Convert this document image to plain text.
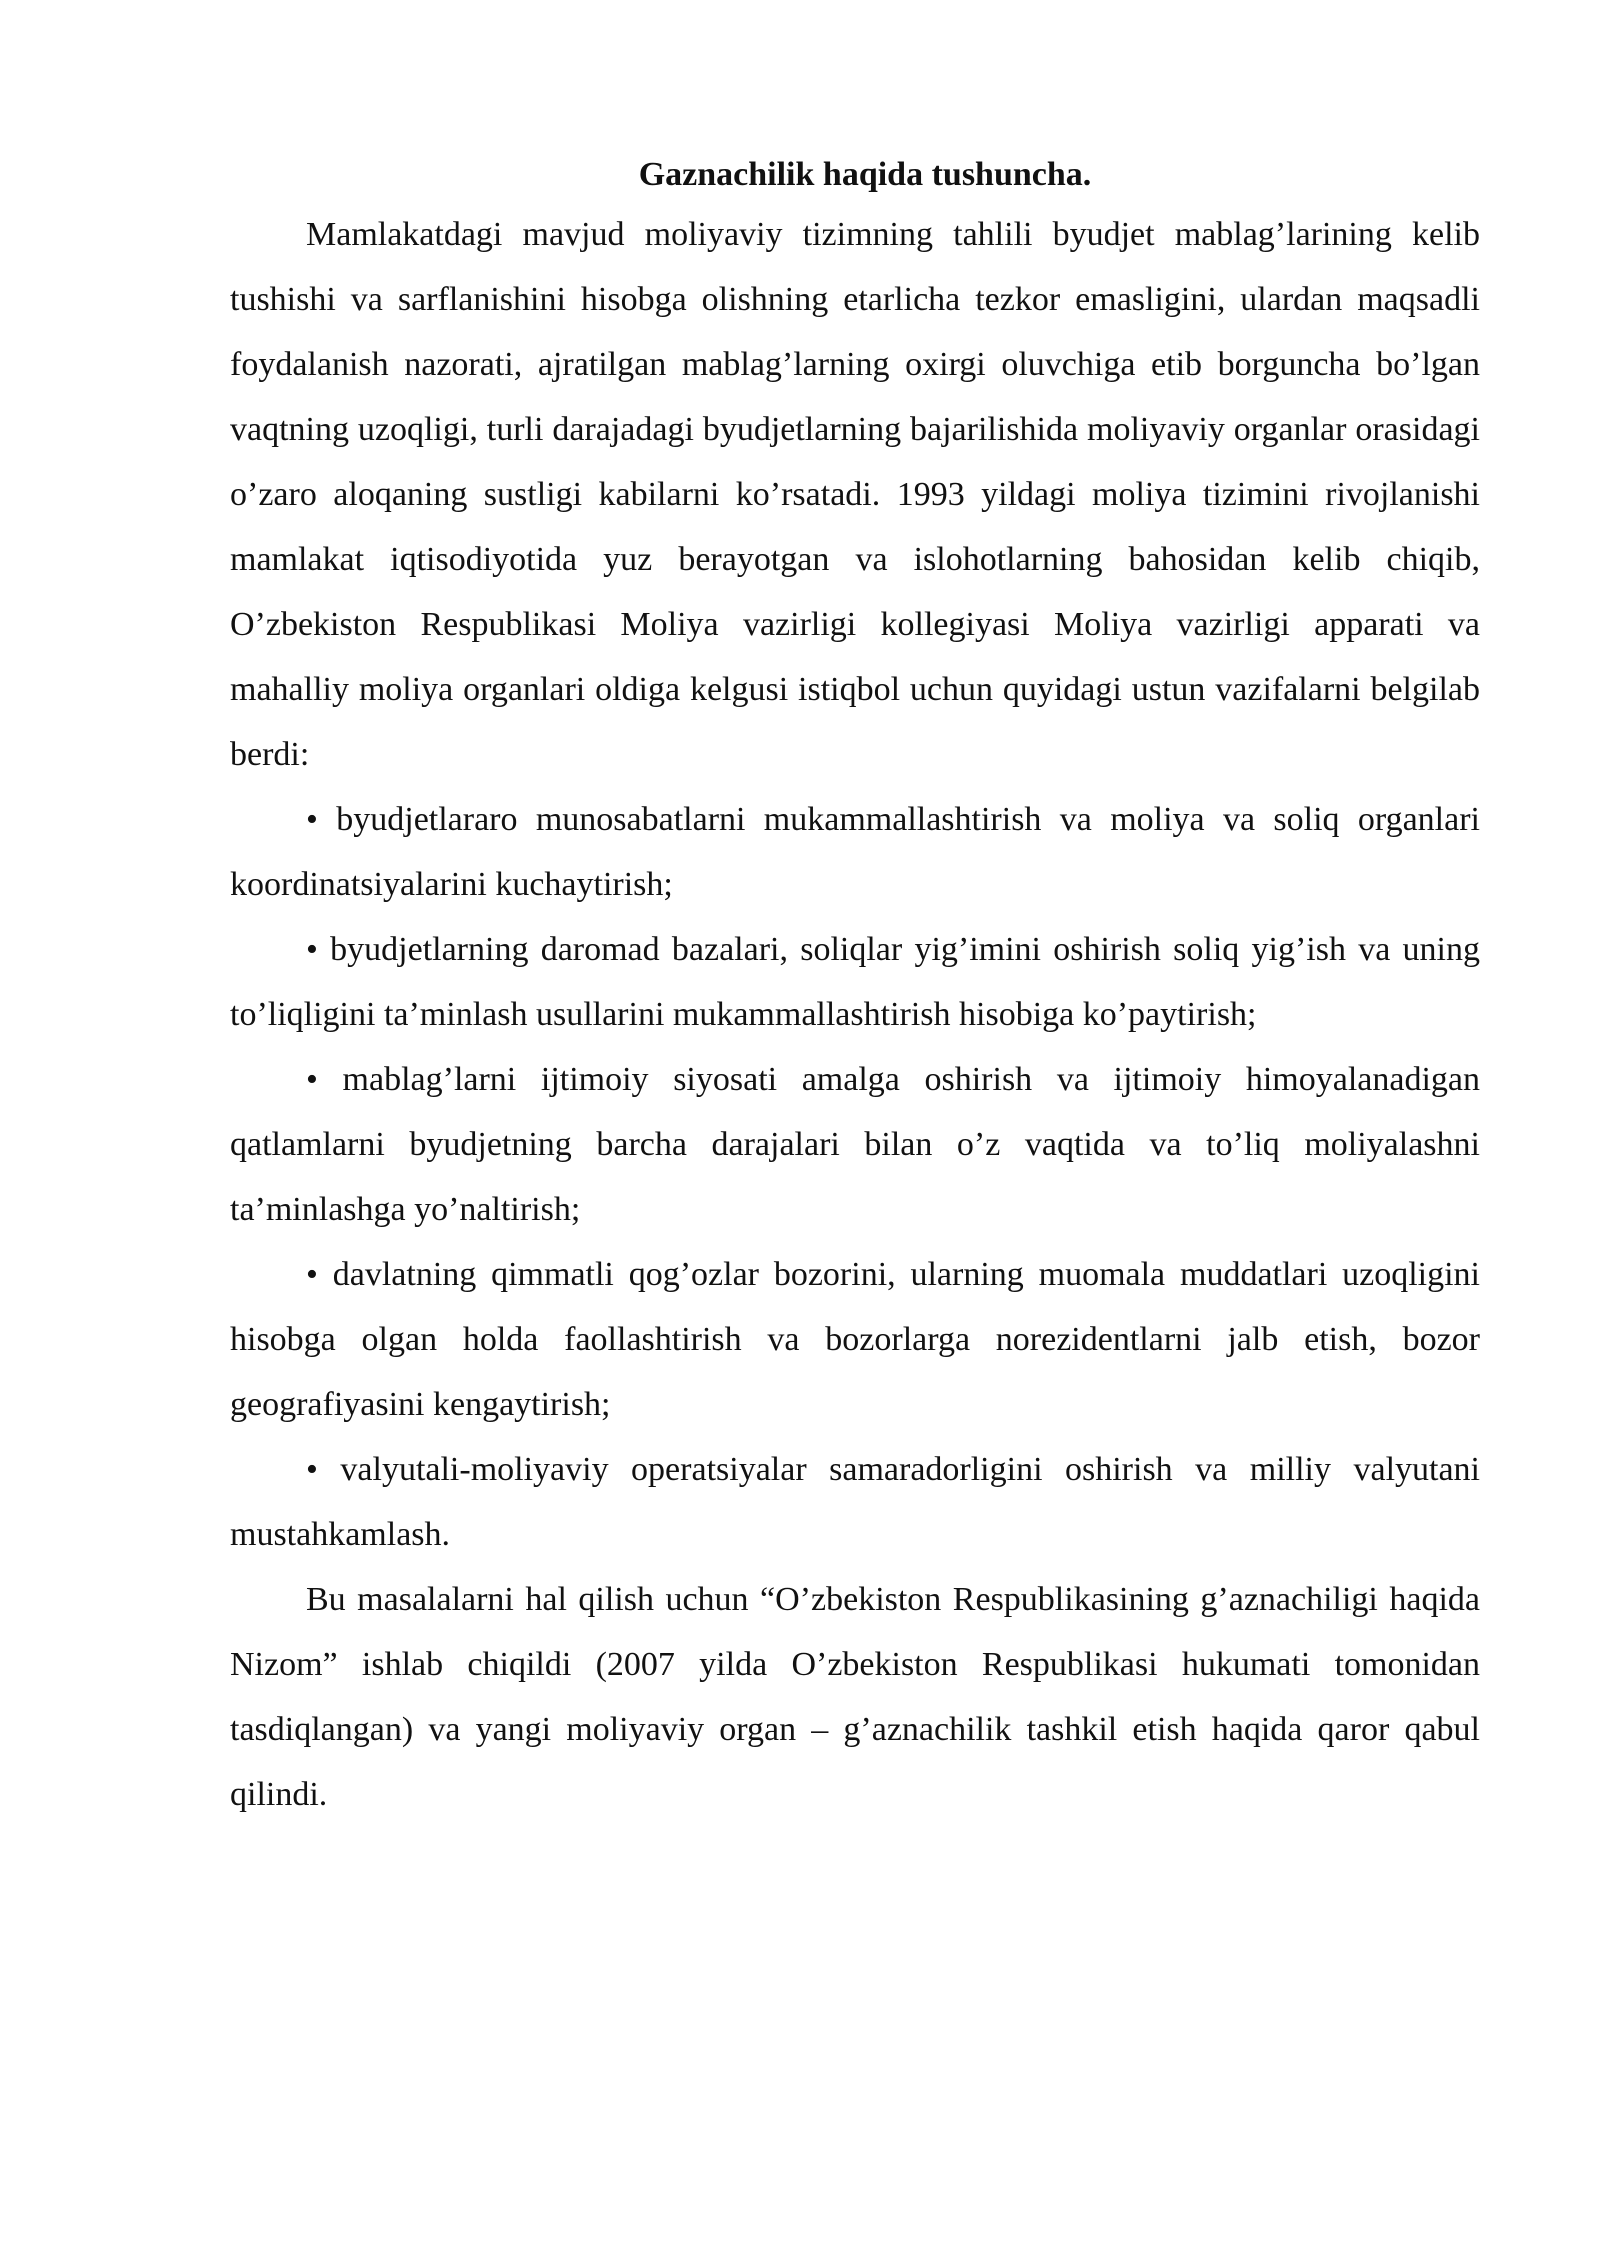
Gaznachilik haqida tushuncha.

Mamlakatdagi mavjud moliyaviy tizimning tahlili byudjet mablag’larining kelib tushishi va sarflanishini hisobga olishning etarlicha tezkor emasligini, ulardan maqsadli foydalanish nazorati, ajratilgan mablag’larning oxirgi oluvchiga etib borguncha bo’lgan vaqtning uzoqligi, turli darajadagi byudjetlarning bajarilishida moliyaviy organlar orasidagi o’zaro aloqaning sustligi kabilarni ko’rsatadi. 1993 yildagi moliya tizimini rivojlanishi mamlakat iqtisodiyotida yuz berayotgan va islohotlarning bahosidan kelib chiqib, O’zbekiston Respublikasi Moliya vazirligi kollegiyasi Moliya vazirligi apparati va mahalliy moliya organlari oldiga kelgusi istiqbol uchun quyidagi ustun vazifalarni belgilab berdi:

• byudjetlararo munosabatlarni mukammallashtirish va moliya va soliq organlari koordinatsiyalarini kuchaytirish;
• byudjetlarning daromad bazalari, soliqlar yig’imini oshirish soliq yig’ish va uning to’liqligini ta’minlash usullarini mukammallashtirish hisobiga ko’paytirish;
• mablag’larni ijtimoiy siyosati amalga oshirish va ijtimoiy himoyalanadigan qatlamlarni byudjetning barcha darajalari bilan o’z vaqtida va to’liq moliyalashni ta’minlashga yo’naltirish;
• davlatning qimmatli qog’ozlar bozorini, ularning muomala muddatlari uzoqligini hisobga olgan holda faollashtirish va bozorlarga norezidentlarni jalb etish, bozor geografiyasini kengaytirish;
• valyutali-moliyaviy operatsiyalar samaradorligini oshirish va milliy valyutani mustahkamlash.

Bu masalalarni hal qilish uchun “O’zbekiston Respublikasining g’aznachiligi haqida Nizom” ishlab chiqildi (2007 yilda O’zbekiston Respublikasi hukumati tomonidan tasdiqlangan) va yangi moliyaviy organ – g’aznachilik tashkil etish haqida qaror qabul qilindi.
